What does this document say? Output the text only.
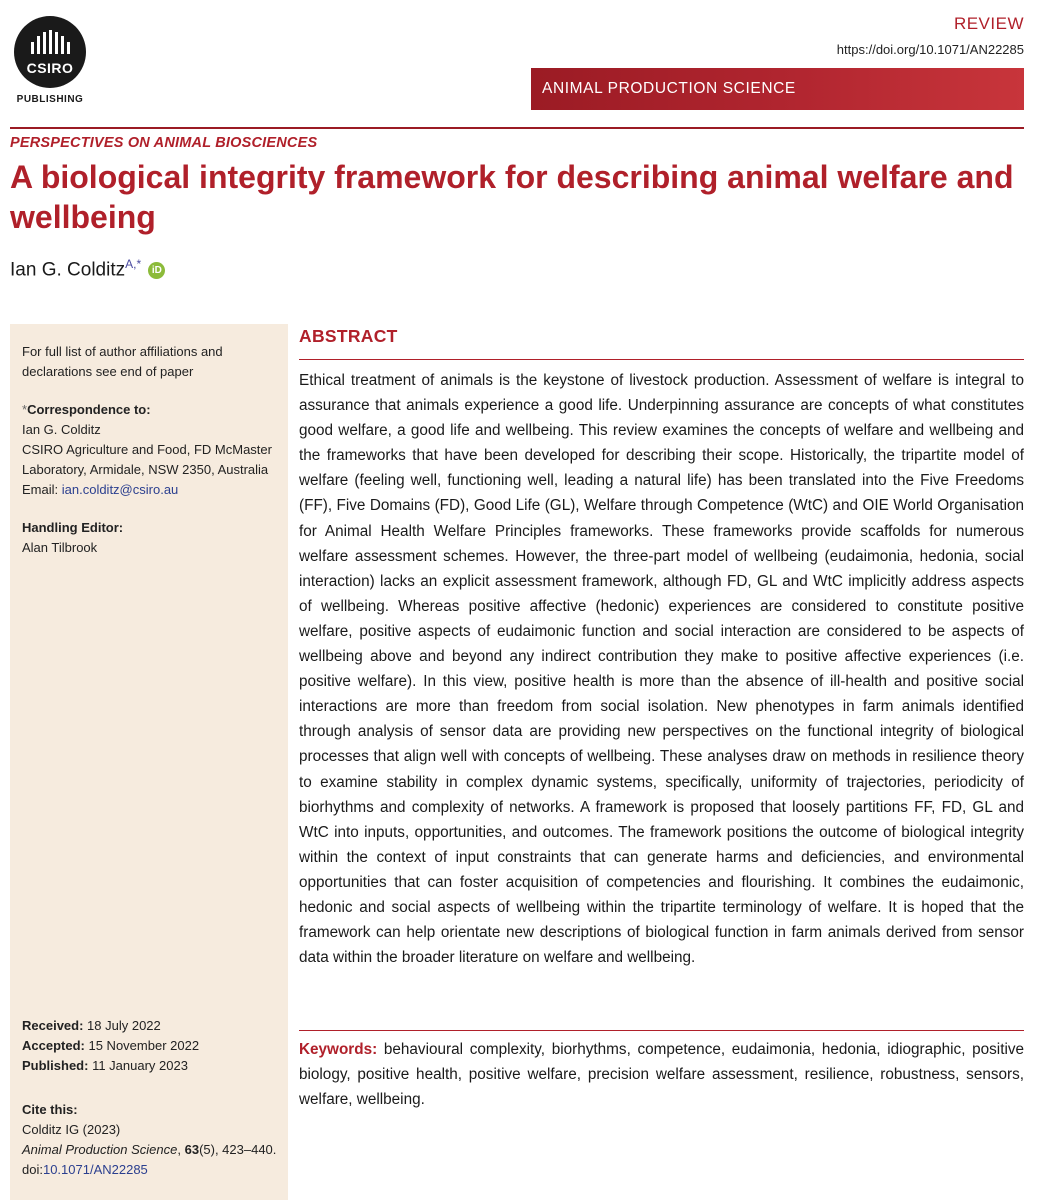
CSIRO
PUBLISHING
REVIEW
https://doi.org/10.1071/AN22285
ANIMAL PRODUCTION SCIENCE
PERSPECTIVES ON ANIMAL BIOSCIENCES
A biological integrity framework for describing animal welfare and wellbeing
Ian G. Colditz$^{A,*}$ iD

For full list of author affiliations and declarations see end of paper

*Correspondence to:

Ian G. Colditz

CSIRO Agriculture and Food, FD McMaster Laboratory, Armidale, NSW 2350, Australia

Email: ian.colditz@csiro.au

Handling Editor:

Alan Tilbrook

Received: 18 July 2022

Accepted: 15 November 2022

Published: 11 January 2023

Cite this:

Colditz IG (2023)

Animal Production Science, 63(5), 423–440.

doi:10.1071/AN22285

ABSTRACT

Ethical treatment of animals is the keystone of livestock production. Assessment of welfare is integral to assurance that animals experience a good life. Underpinning assurance are concepts of what constitutes good welfare, a good life and wellbeing. This review examines the concepts of welfare and wellbeing and the frameworks that have been developed for describing their scope. Historically, the tripartite model of welfare (feeling well, functioning well, leading a natural life) has been translated into the Five Freedoms (FF), Five Domains (FD), Good Life (GL), Welfare through Competence (WtC) and OIE World Organisation for Animal Health Welfare Principles frameworks. These frameworks provide scaffolds for numerous welfare assessment schemes. However, the three-part model of wellbeing (eudaimonia, hedonia, social interaction) lacks an explicit assessment framework, although FD, GL and WtC implicitly address aspects of wellbeing. Whereas positive affective (hedonic) experiences are considered to constitute positive welfare, positive aspects of eudaimonic function and social interaction are considered to be aspects of wellbeing above and beyond any indirect contribution they make to positive affective experiences (i.e. positive welfare). In this view, positive health is more than the absence of ill-health and positive social interactions are more than freedom from social isolation. New phenotypes in farm animals identified through analysis of sensor data are providing new perspectives on the functional integrity of biological processes that align well with concepts of wellbeing. These analyses draw on methods in resilience theory to examine stability in complex dynamic systems, specifically, uniformity of trajectories, periodicity of biorhythms and complexity of networks. A framework is proposed that loosely partitions FF, FD, GL and WtC into inputs, opportunities, and outcomes. The framework positions the outcome of biological integrity within the context of input constraints that can generate harms and deficiencies, and environmental opportunities that can foster acquisition of competencies and flourishing. It combines the eudaimonic, hedonic and social aspects of wellbeing within the tripartite terminology of welfare. It is hoped that the framework can help orientate new descriptions of biological function in farm animals derived from sensor data within the broader literature on welfare and wellbeing.

Keywords: behavioural complexity, biorhythms, competence, eudaimonia, hedonia, idiographic, positive biology, positive health, positive welfare, precision welfare assessment, resilience, robustness, sensors, welfare, wellbeing.
